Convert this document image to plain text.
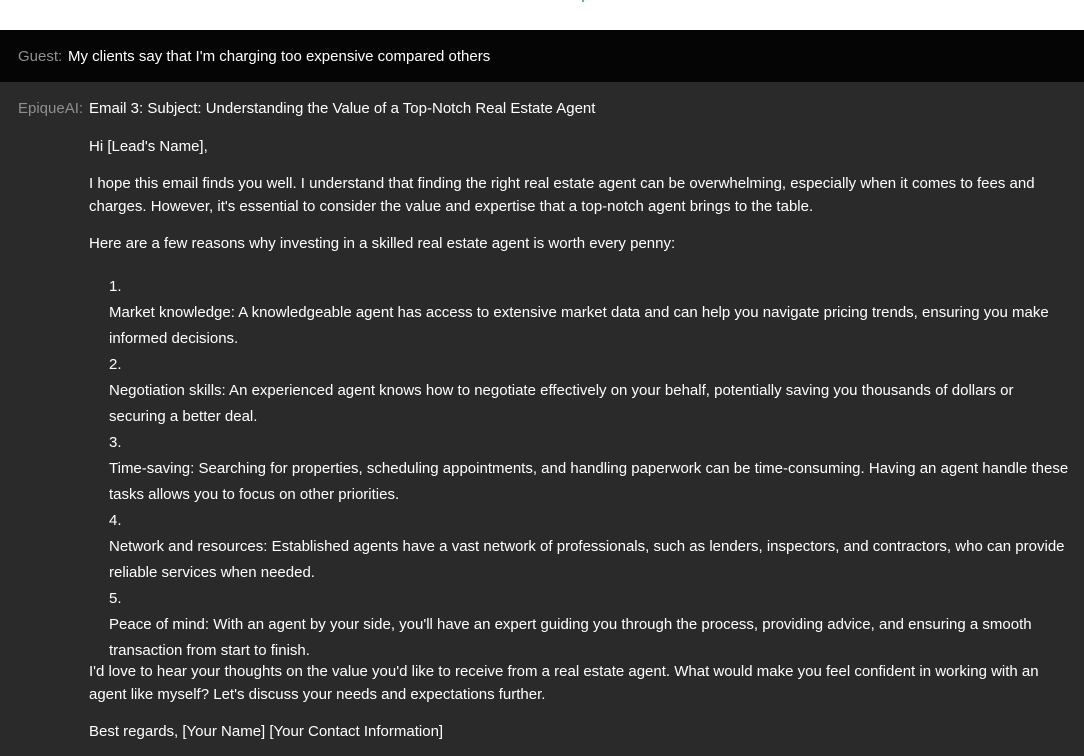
Guest: My clients say that I'm charging too expensive compared others
EpiqueAI: Email 3: Subject: Understanding the Value of a Top-Notch Real Estate Agent
Hi [Lead's Name],
I hope this email finds you well. I understand that finding the right real estate agent can be overwhelming, especially when it comes to fees and charges. However, it's essential to consider the value and expertise that a top-notch agent brings to the table.
Here are a few reasons why investing in a skilled real estate agent is worth every penny:
1.
Market knowledge: A knowledgeable agent has access to extensive market data and can help you navigate pricing trends, ensuring you make informed decisions.
2.
Negotiation skills: An experienced agent knows how to negotiate effectively on your behalf, potentially saving you thousands of dollars or securing a better deal.
3.
Time-saving: Searching for properties, scheduling appointments, and handling paperwork can be time-consuming. Having an agent handle these tasks allows you to focus on other priorities.
4.
Network and resources: Established agents have a vast network of professionals, such as lenders, inspectors, and contractors, who can provide reliable services when needed.
5.
Peace of mind: With an agent by your side, you'll have an expert guiding you through the process, providing advice, and ensuring a smooth transaction from start to finish.
I'd love to hear your thoughts on the value you'd like to receive from a real estate agent. What would make you feel confident in working with an agent like myself? Let's discuss your needs and expectations further.
Best regards, [Your Name] [Your Contact Information]
